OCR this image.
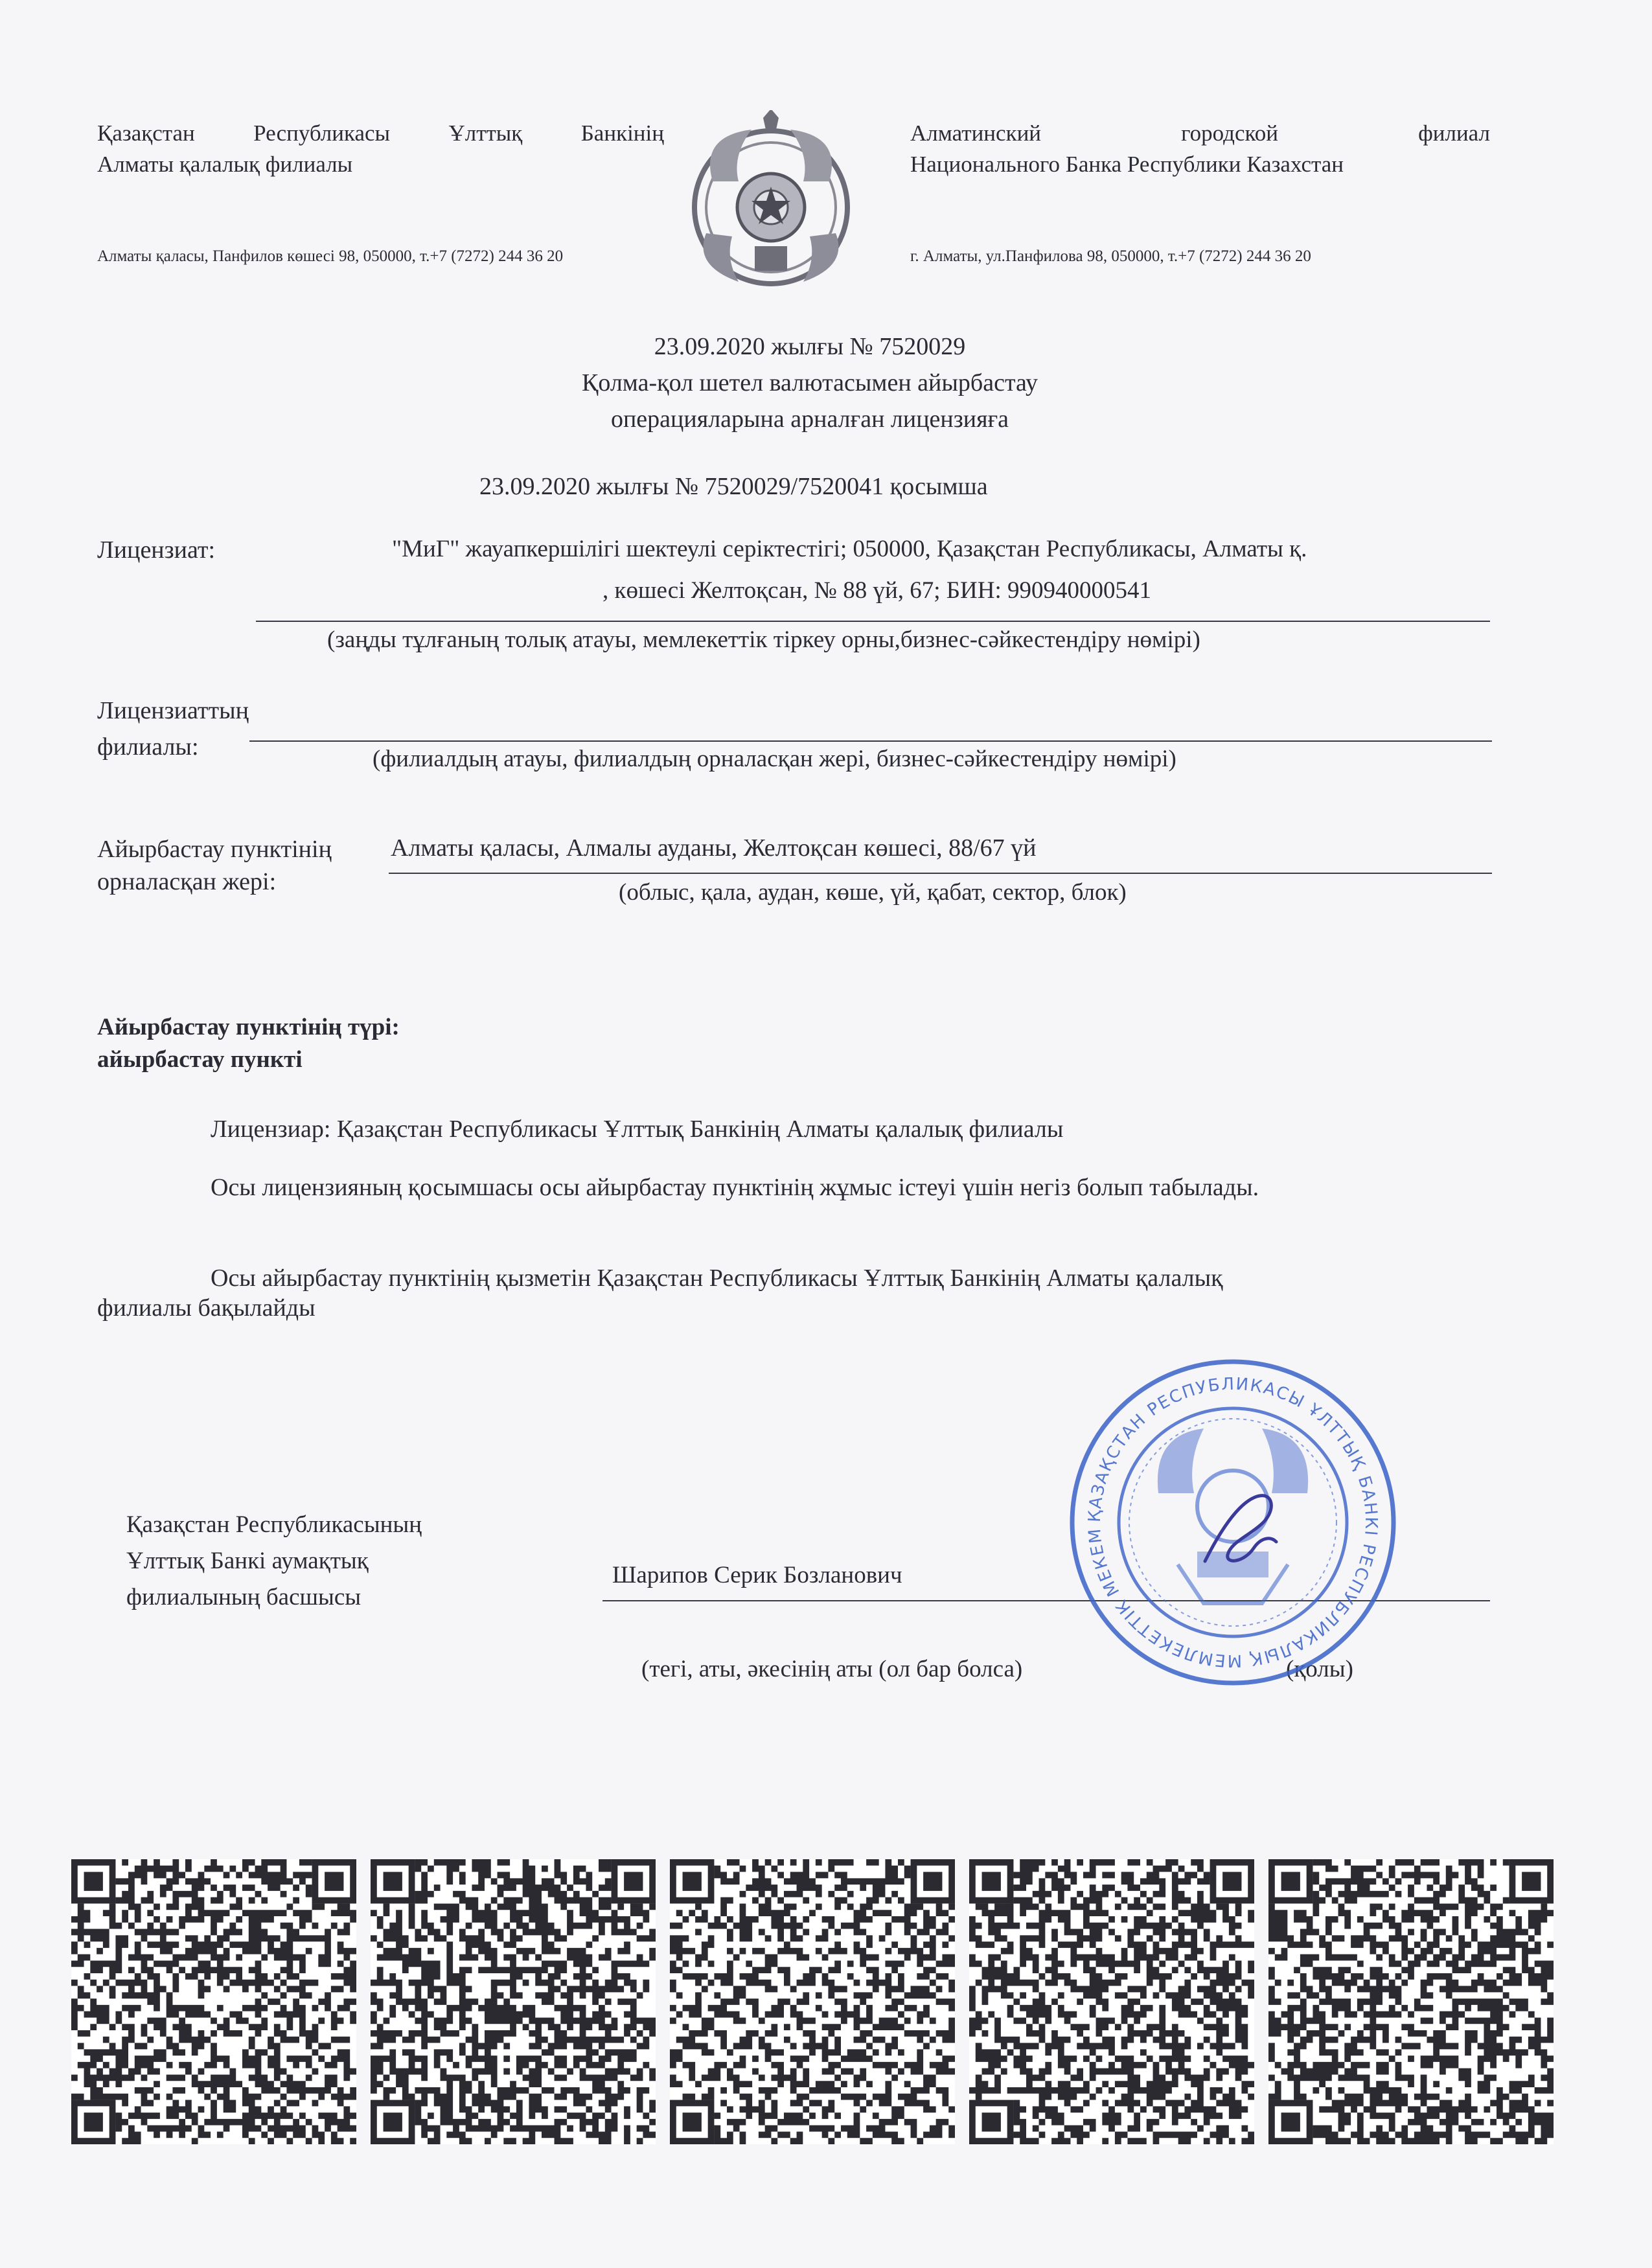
Қазақстан Республикасы Ұлттық Банкінің
Алматы қалалық филиалы
Алматинский городской филиал
Национального Банка Республики Казахстан
Алматы қаласы, Панфилов көшесі 98, 050000, т.+7 (7272) 244 36 20	г. Алматы, ул.Панфилова 98, 050000, т.+7 (7272) 244 36 20
23.09.2020 жылғы № 7520029
Қолма-қол шетел валютасымен айырбастау
операцияларына арналған лицензияға
23.09.2020 жылғы № 7520029/7520041 қосымша
Лицензиат:	"МиГ" жауапкершілігі шектеулі серіктестігі; 050000, Қазақстан Республикасы, Алматы қ.
, көшесі Желтоқсан, № 88 үй, 67; БИН: 990940000541
(заңды тұлғаның толық атауы, мемлекеттік тіркеу орны,бизнес-сәйкестендіру нөмірі)
Лицензиаттың
филиалы:	(филиалдың атауы, филиалдың орналасқан жері, бизнес-сәйкестендіру нөмірі)
Айырбастау пунктінің
орналасқан жері:
Алматы қаласы, Алмалы ауданы, Желтоқсан көшесі, 88/67 үй
(облыс, қала, аудан, көше, үй, қабат, сектор, блок)
Айырбастау пунктінің түрі:
айырбастау пункті
Лицензиар: Қазақстан Республикасы Ұлттық Банкінің Алматы қалалық филиалы
Осы лицензияның қосымшасы осы айырбастау пунктінің жұмыс істеуі үшін негіз болып табылады.
Осы айырбастау пунктінің қызметін Қазақстан Республикасы Ұлттық Банкінің Алматы қалалық
филиалы бақылайды
Қазақстан Республикасының
Ұлттық Банкі аумақтық
филиалының басшысы
Шарипов Серик Бозланович
(тегі, аты, әкесінің аты (ол бар болса)	(қолы)
ҚАЗАҚСТАН РЕСПУБЛИКАСЫ ҰЛТТЫҚ БАНКІ РЕСПУБЛИКАЛЫҚ МЕМЛЕКЕТТІК МЕКЕМ
